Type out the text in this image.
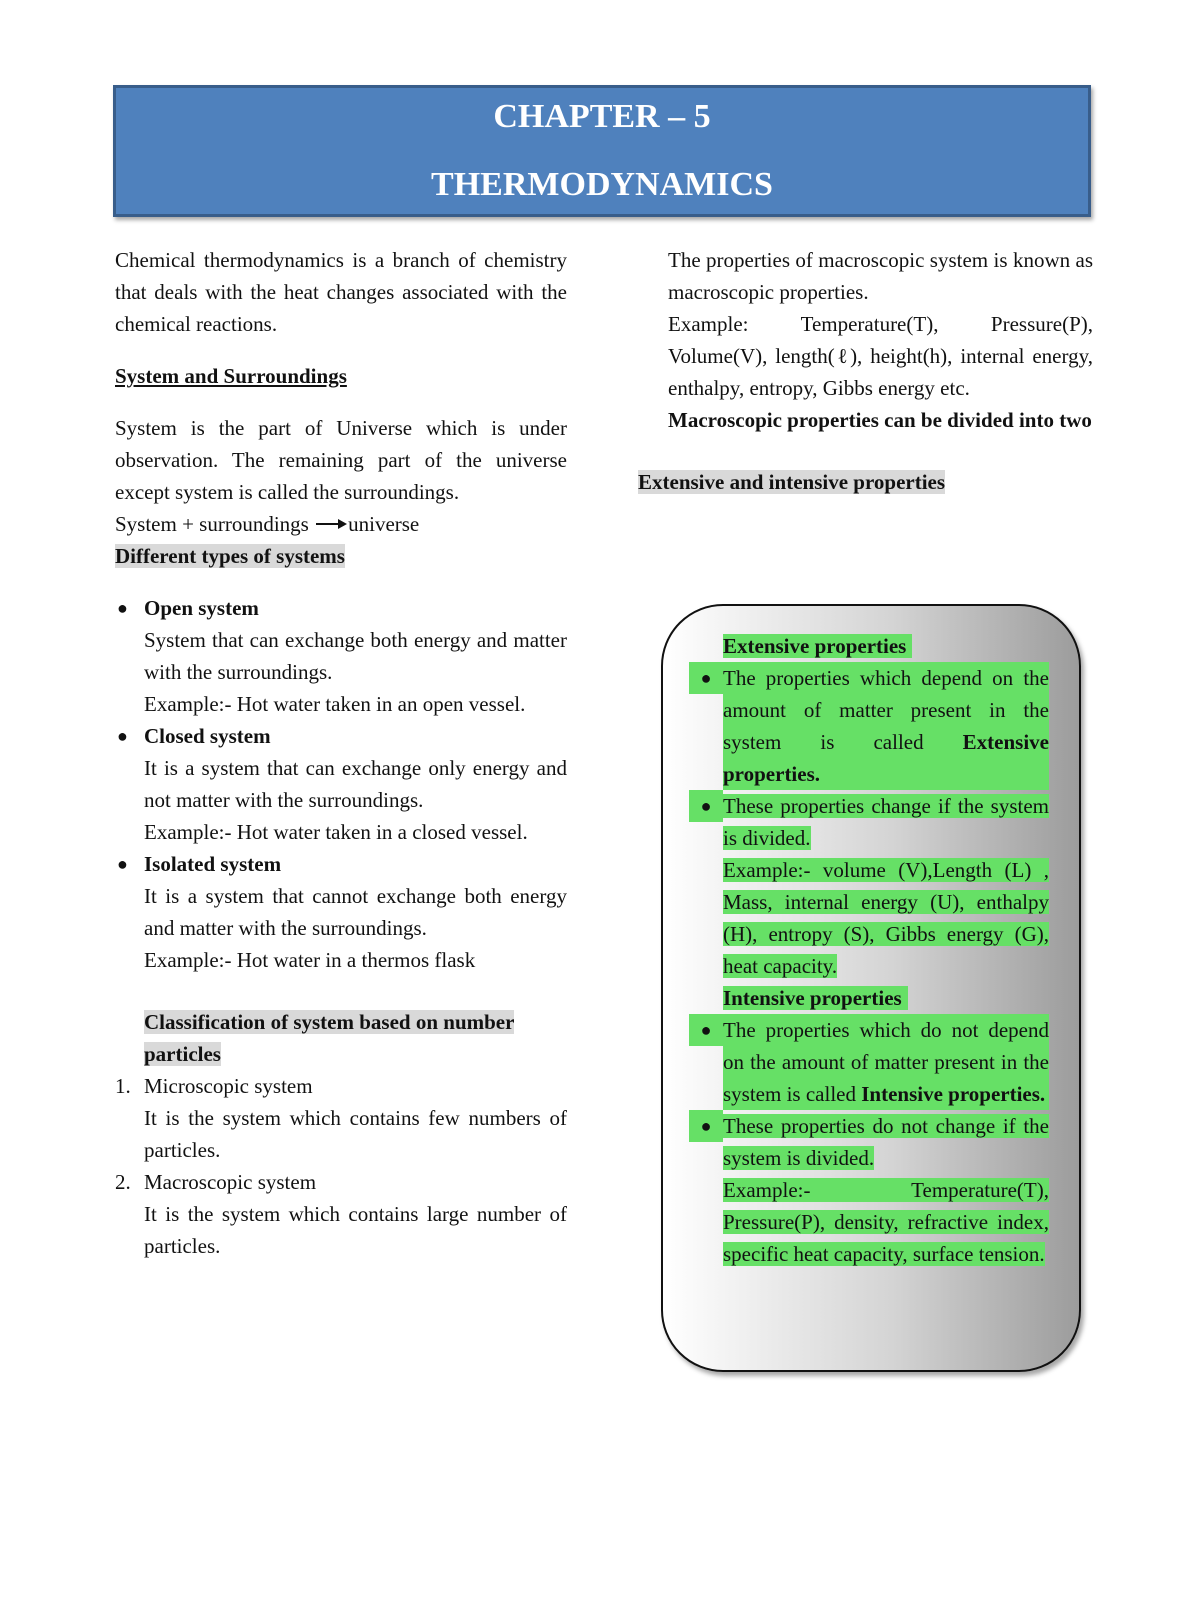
CHAPTER – 5
THERMODYNAMICS

Chemical thermodynamics is a branch of chemistry that deals with the heat changes associated with the chemical reactions.

System and Surroundings

System is the part of Universe which is under observation. The remaining part of the universe except system is called the surroundings.

System + surroundings universe

Different types of systems

● Open system

System that can exchange both energy and matter with the surroundings.

Example:- Hot water taken in an open vessel.

● Closed system

It is a system that can exchange only energy and not matter with the surroundings.

Example:- Hot water taken in a closed vessel.

● Isolated system

It is a system that cannot exchange both energy and matter with the surroundings.

Example:- Hot water in a thermos flask

Classification of system based on number particles

1. Microscopic system

It is the system which contains few numbers of particles.

2. Macroscopic system

It is the system which contains large number of particles.

The properties of macroscopic system is known as macroscopic properties.

Example: Temperature(T), Pressure(P), Volume(V), length(ℓ), height(h), internal energy, enthalpy, entropy, Gibbs energy etc.

Macroscopic properties can be divided into two

Extensive and intensive properties

Extensive properties
● The properties which depend on the amount of matter present in the system is called Extensive properties.

● These properties change if the system is divided.

Example:- volume (V),Length (L) , Mass, internal energy (U), enthalpy (H), entropy (S), Gibbs energy (G), heat capacity.
Intensive properties
● The properties which do not depend on the amount of matter present in the system is called Intensive properties.

● These properties do not change if the system is divided.

Example:- Temperature(T), Pressure(P), density, refractive index, specific heat capacity, surface tension.
